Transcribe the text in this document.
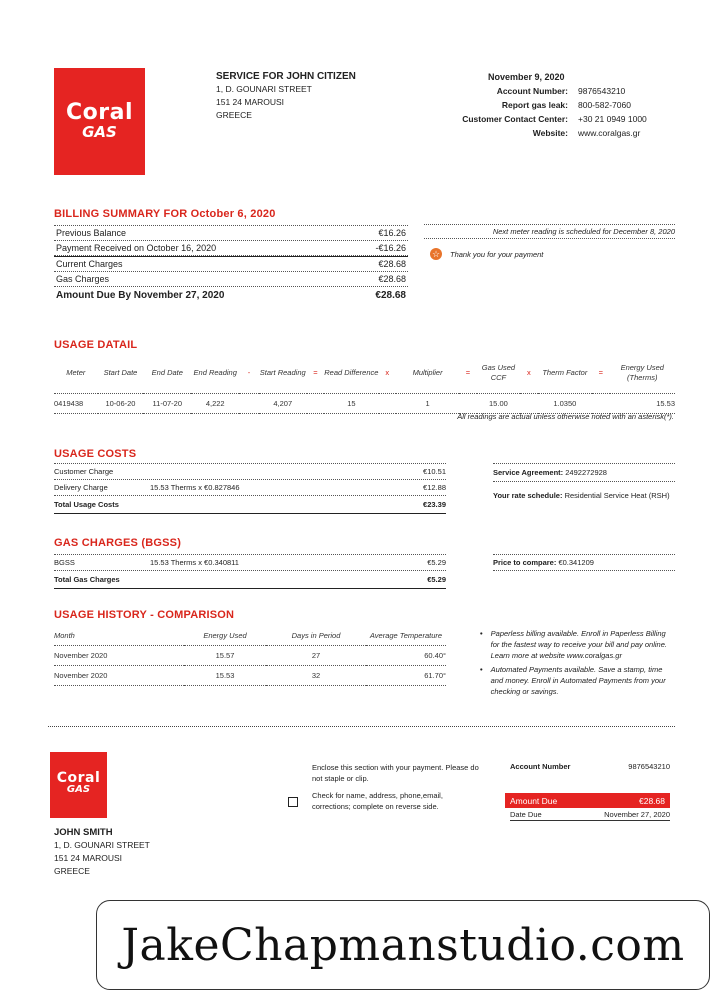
Coral
GAS
SERVICE FOR JOHN CITIZEN
1, D. GOUNARI STREET
151 24 MAROUSI
GREECE
November 9, 2020
Account Number:	9876543210
Report gas leak:	800-582-7060
Customer Contact Center:	+30 21 0949 1000
Website:	www.coralgas.gr
BILLING SUMMARY FOR October 6, 2020
Previous Balance	€16.26
Payment Received on October 16, 2020	-€16.26
Current Charges	€28.68
Gas Charges	€28.68
Amount Due By November 27, 2020	€28.68
Next meter reading is scheduled for December 8, 2020
☆ Thank you for your payment
USAGE DATAIL
Meter	Start Date	End Date	End Reading	-	Start Reading	=	Read Difference	x	Multiplier	=	Gas Used CCF	x	Therm Factor	=	Energy Used (Therms)
0419438	10-06-20	11-07-20	4,222		4,207		15		1		15.00		1.0350		15.53
All readings are actual unless otherwise noted with an asterisk(*).
USAGE COSTS
Customer Charge	€10.51
Delivery Charge	15.53 Therms x €0.827846	€12.88
Total Usage Costs	€23.39
Service Agreement: 2492272928
Your rate schedule: Residential Service Heat (RSH)
GAS CHARGES (BGSS)
BGSS	15.53 Therms x €0.340811	€5.29
Total Gas Charges	€5.29
Price to compare: €0.341209
USAGE HISTORY - COMPARISON
Month	Energy Used	Days in Period	Average Temperature
November 2020	15.57	27	60.40°
November 2020	15.53	32	61.70°
• Paperless billing available. Enroll in Paperless Billing for the fastest way to receive your bill and pay online. Learn more at website www.coralgas.gr
• Automated Payments available. Save a stamp, time and money. Enroll in Automated Payments from your checking or savings.
Coral
GAS
JOHN SMITH
1, D. GOUNARI STREET
151 24 MAROUSI
GREECE
Enclose this section with your payment. Please do not staple or clip.
Check for name, address, phone,email, corrections; complete on reverse side.
Account Number	9876543210
Amount Due	€28.68
Date Due	November 27, 2020
JakeChapmanstudio.com
